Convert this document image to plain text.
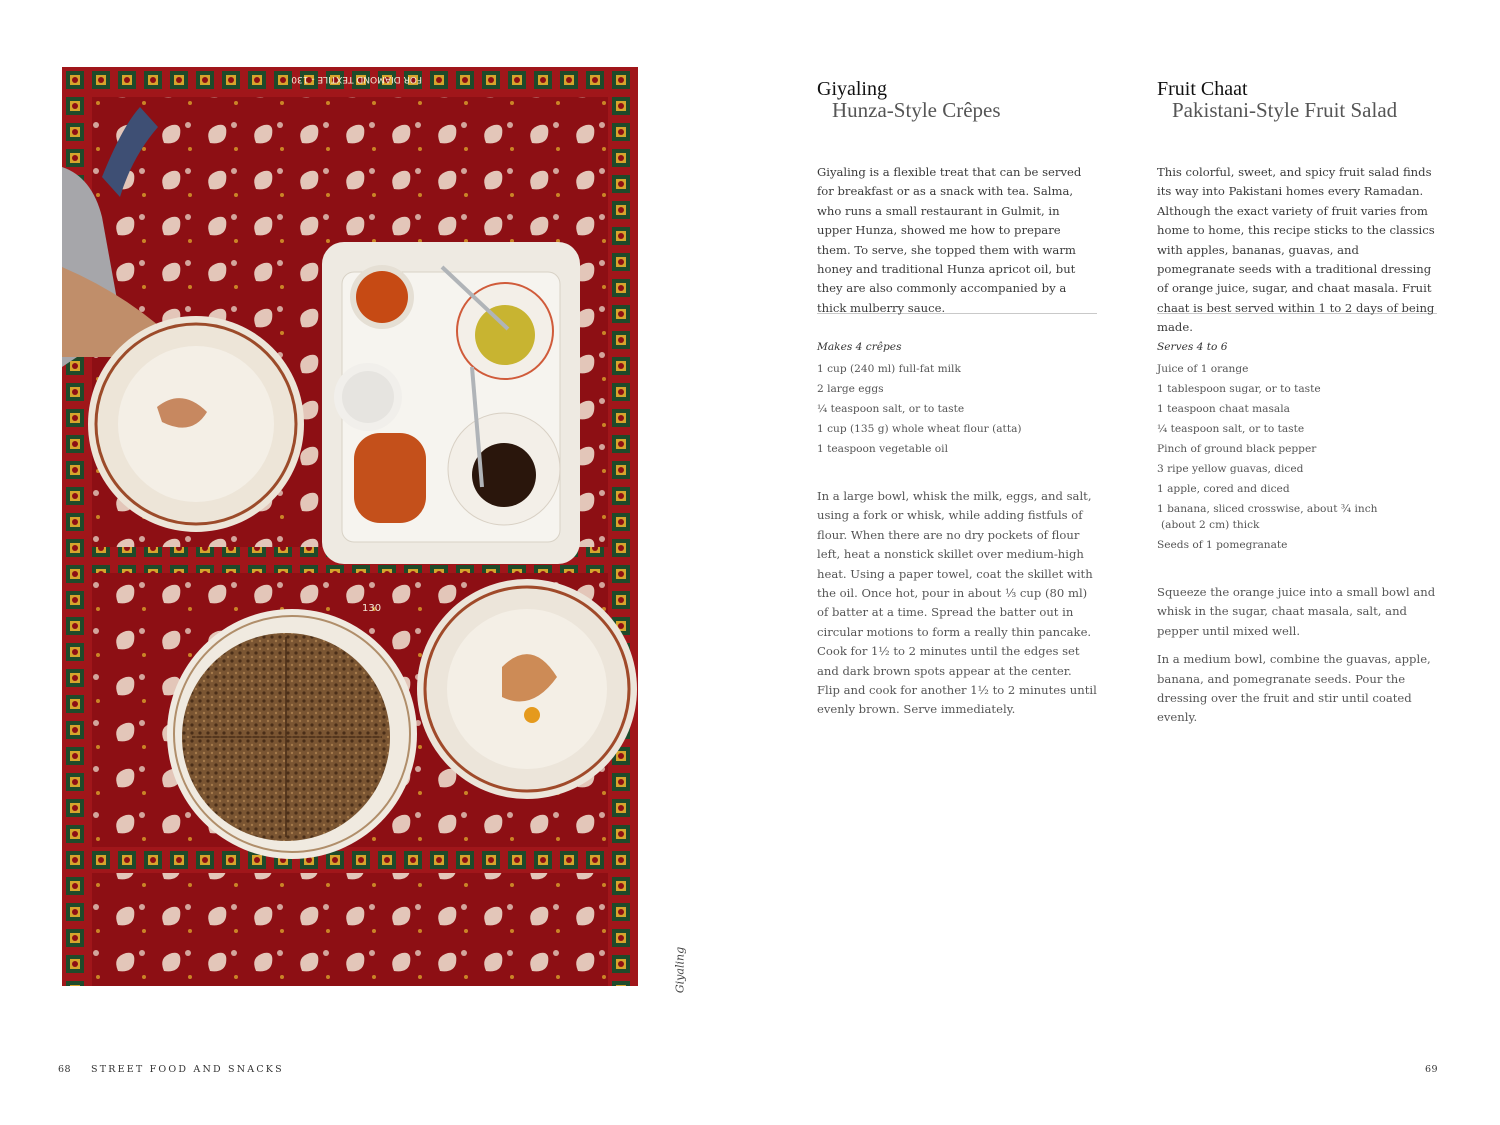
FOR DIAMOND TEXTILE - 130
130
Giyaling
Giyaling
Hunza-Style Crêpes
Giyaling is a flexible treat that can be served for breakfast or as a snack with tea. Salma, who runs a small restaurant in Gulmit, in upper Hunza, showed me how to prepare them. To serve, she topped them with warm honey and traditional Hunza apricot oil, but they are also commonly accompanied by a thick mulberry sauce.
Makes 4 crêpes
1 cup (240 ml) full-fat milk
2 large eggs
¼ teaspoon salt, or to taste
1 cup (135 g) whole wheat flour (atta)
1 teaspoon vegetable oil

In a large bowl, whisk the milk, eggs, and salt, using a fork or whisk, while adding fistfuls of flour. When there are no dry pockets of flour left, heat a nonstick skillet over medium-high heat. Using a paper towel, coat the skillet with the oil. Once hot, pour in about ⅓ cup (80 ml) of batter at a time. Spread the batter out in circular motions to form a really thin pancake. Cook for 1½ to 2 minutes until the edges set and dark brown spots appear at the center. Flip and cook for another 1½ to 2 minutes until evenly brown. Serve immediately.

Fruit Chaat
Pakistani-Style Fruit Salad
This colorful, sweet, and spicy fruit salad finds its way into Pakistani homes every Ramadan. Although the exact variety of fruit varies from home to home, this recipe sticks to the classics with apples, bananas, guavas, and pomegranate seeds with a traditional dressing of orange juice, sugar, and chaat masala. Fruit chaat is best served within 1 to 2 days of being made.
Serves 4 to 6
Juice of 1 orange
1 tablespoon sugar, or to taste
1 teaspoon chaat masala
¼ teaspoon salt, or to taste
Pinch of ground black pepper
3 ripe yellow guavas, diced
1 apple, cored and diced
1 banana, sliced crosswise, about ¾ inch
(about 2 cm) thick
Seeds of 1 pomegranate

Squeeze the orange juice into a small bowl and whisk in the sugar, chaat masala, salt, and pepper until mixed well.

In a medium bowl, combine the guavas, apple, banana, and pomegranate seeds. Pour the dressing over the fruit and stir until coated evenly.

68 STREET FOOD AND SNACKS	69
